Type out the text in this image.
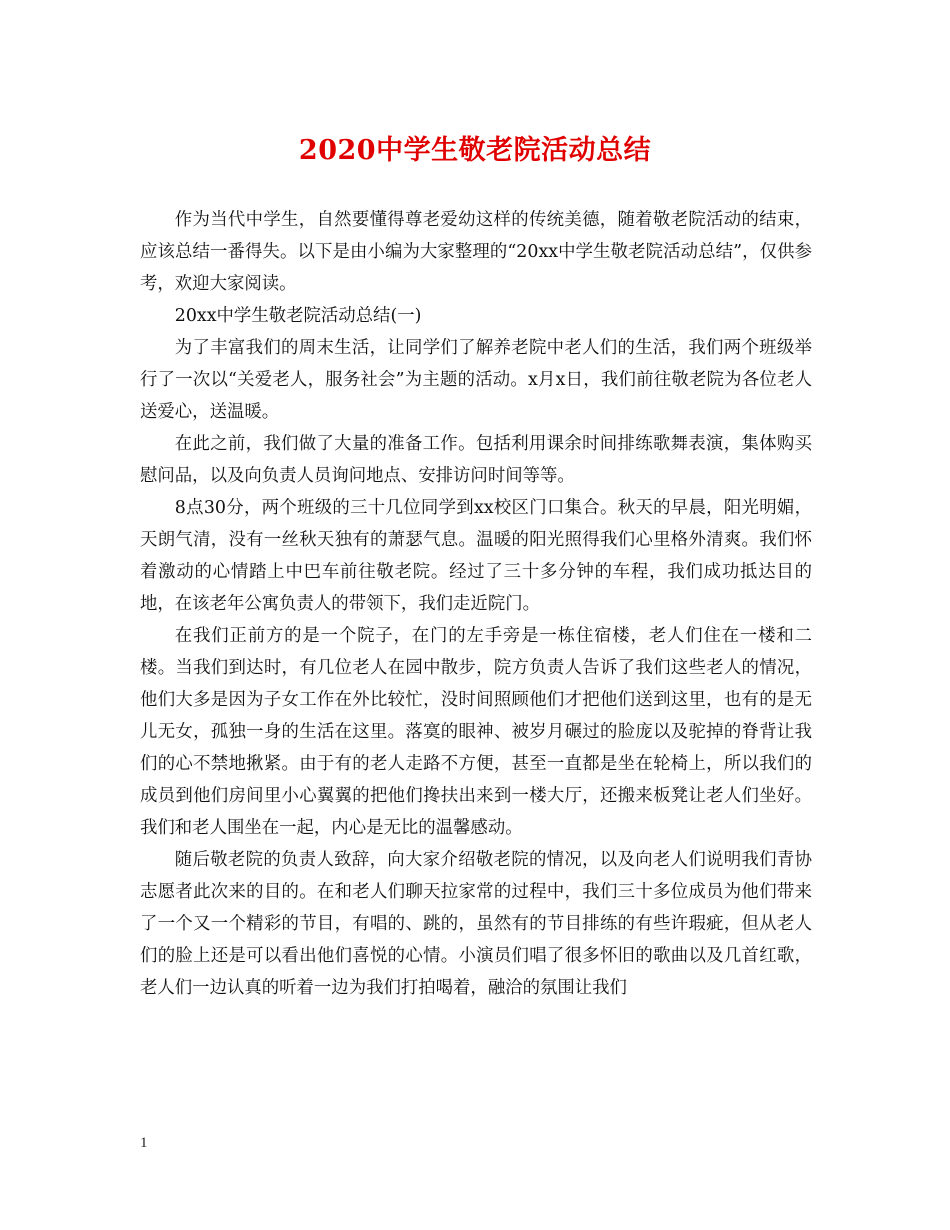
2020中学生敬老院活动总结

作为当代中学生，自然要懂得尊老爱幼这样的传统美德，随着敬老院活动的结束，应该总结一番得失。以下是由小编为大家整理的“20xx中学生敬老院活动总结”，仅供参考，欢迎大家阅读。

20xx中学生敬老院活动总结(一)

为了丰富我们的周末生活，让同学们了解养老院中老人们的生活，我们两个班级举行了一次以“关爱老人，服务社会”为主题的活动。x月x日，我们前往敬老院为各位老人送爱心，送温暖。

在此之前，我们做了大量的准备工作。包括利用课余时间排练歌舞表演，集体购买慰问品，以及向负责人员询问地点、安排访问时间等等。

8点30分，两个班级的三十几位同学到xx校区门口集合。秋天的早晨，阳光明媚，天朗气清，没有一丝秋天独有的萧瑟气息。温暖的阳光照得我们心里格外清爽。我们怀着激动的心情踏上中巴车前往敬老院。经过了三十多分钟的车程，我们成功抵达目的地，在该老年公寓负责人的带领下，我们走近院门。

在我们正前方的是一个院子，在门的左手旁是一栋住宿楼，老人们住在一楼和二楼。当我们到达时，有几位老人在园中散步，院方负责人告诉了我们这些老人的情况，他们大多是因为子女工作在外比较忙，没时间照顾他们才把他们送到这里，也有的是无儿无女，孤独一身的生活在这里。落寞的眼神、被岁月碾过的脸庞以及驼掉的脊背让我们的心不禁地揪紧。由于有的老人走路不方便，甚至一直都是坐在轮椅上，所以我们的成员到他们房间里小心翼翼的把他们搀扶出来到一楼大厅，还搬来板凳让老人们坐好。我们和老人围坐在一起，内心是无比的温馨感动。

随后敬老院的负责人致辞，向大家介绍敬老院的情况，以及向老人们说明我们青协志愿者此次来的目的。在和老人们聊天拉家常的过程中，我们三十多位成员为他们带来了一个又一个精彩的节目，有唱的、跳的，虽然有的节目排练的有些许瑕疵，但从老人们的脸上还是可以看出他们喜悦的心情。小演员们唱了很多怀旧的歌曲以及几首红歌，老人们一边认真的听着一边为我们打拍喝着，融洽的氛围让我们

1
